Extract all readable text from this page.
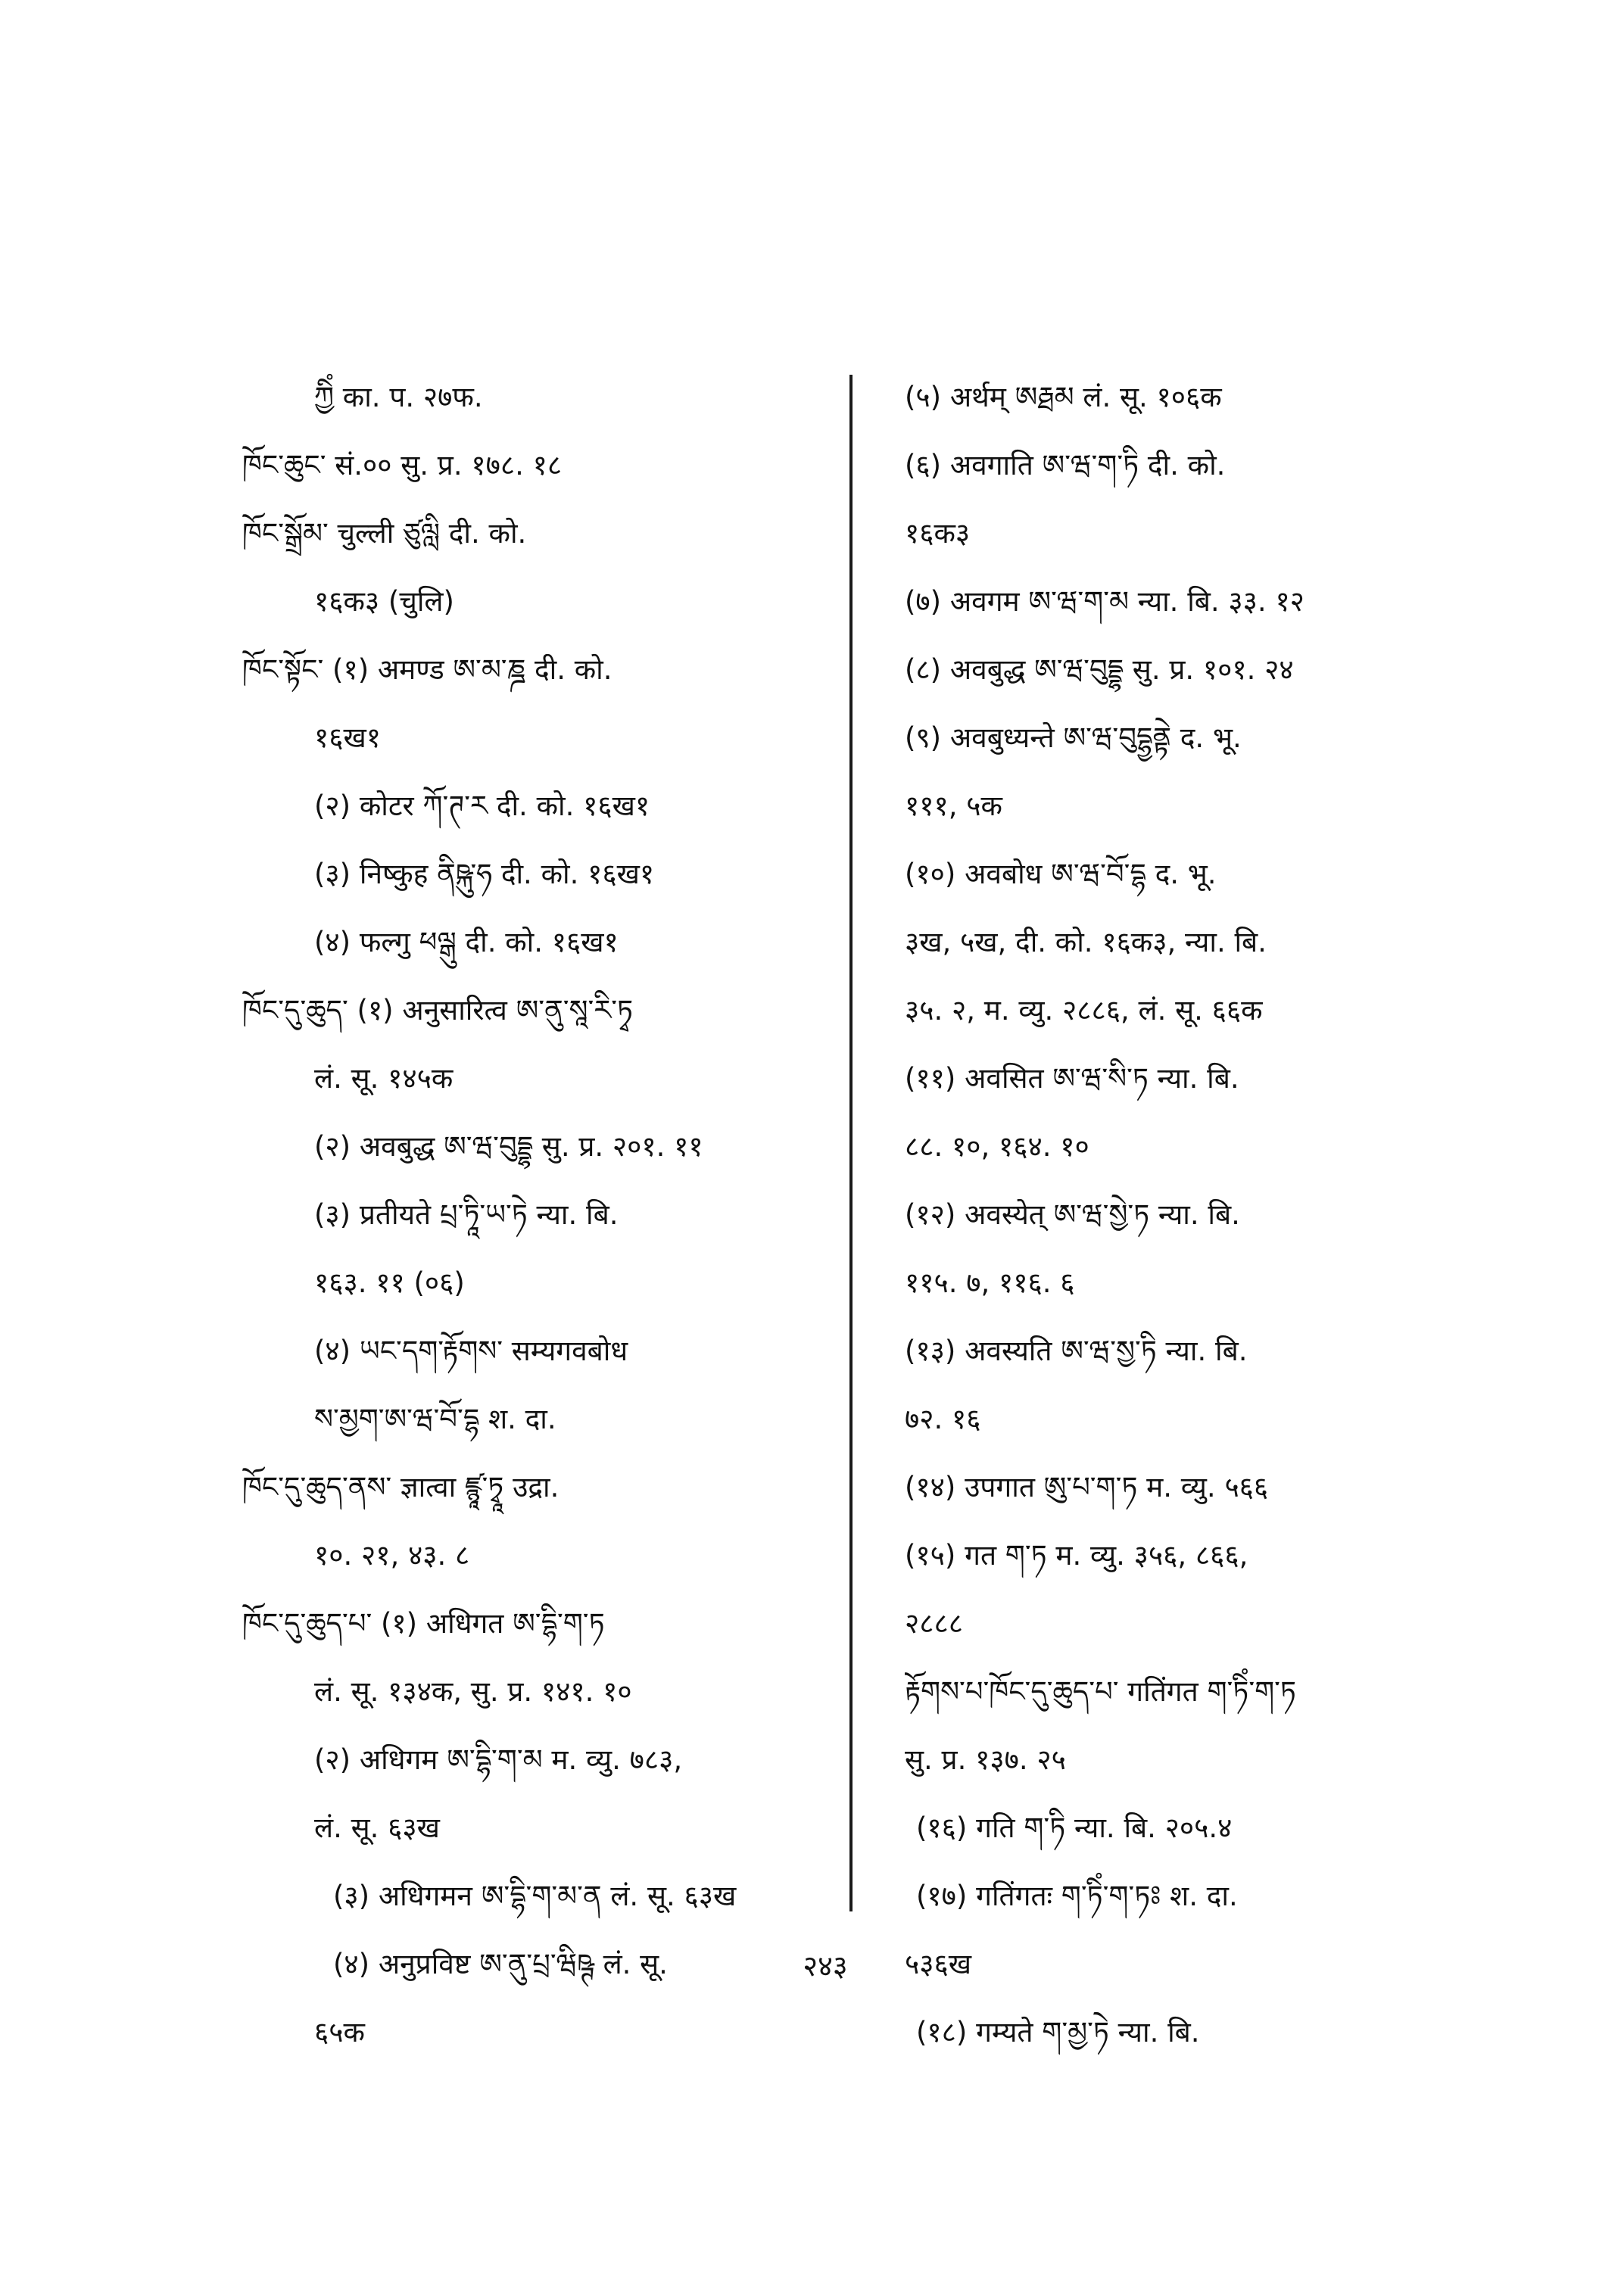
ཀྱིཾ का. प. २७फ.
ཁོང་ཆུང་ सं.०० सु. प्र. १७८. १८
ཁོང་སྒྲོམ་ चुल्ली ཙུལླི दी. को.
१६क३ (चुलि)
ཁོང་སྟོང་ (१) अमण्ड ཨ་མ་ཎྜ दी. को.
१६ख१
(२) कोटर ཀོ་ཊ་ར दी. को. १६ख१
(३) निष्कुह ནིཥྐུ་ཧ दी. को. १६ख१
(४) फल्गु ཕལྒུ दी. को. १६ख१
ཁོང་དུ་ཆུད་ (१) अनुसारित्व ཨ་ནུ་སཱ་རི་ཏྭ
लं. सू. १४५क
(२) अवबुद्ध ཨ་ཝ་བུདྡྷ सु. प्र. २०१. ११
(३) प्रतीयते པྲ་ཏཱི་ཡ་ཏེ न्या. बि.
१६३. ११ (०६)
(४) ཡང་དག་རྟོགས་ सम्यगवबोध
ས་མྱག་ཨ་ཝ་བོ་དྷ श. दा.
ཁོང་དུ་ཆུད་ནས་ ज्ञात्वा ཛྙཱ་ཏྭཱ उद्रा.
१०. २१, ४३. ८
ཁོང་དུ་ཆུད་པ་ (१) अधिगत ཨ་དྷི་ག་ཏ
लं. सू. १३४क, सु. प्र. १४१. १०
(२) अधिगम ཨ་དྷི་ག་མ म. व्यु. ७८३,
लं. सू. ६३ख
(३) अधिगमन ཨ་དྷི་ག་མ་ན लं. सू. ६३ख
(४) अनुप्रविष्ट ཨ་ནུ་པྲ་ཝིཥྚ लं. सू.
६५क
(५) अर्थम् ཨརྠམ लं. सू. १०६क
(६) अवगाति ཨ་ཝ་ག་ཏི दी. को.
१६क३
(७) अवगम ཨ་ཝ་ག་མ न्या. बि. ३३. १२
(८) अवबुद्ध ཨ་ཝ་བུདྡྷ सु. प्र. १०१. २४
(९) अवबुध्यन्ते ཨ་ཝ་བུདྷྱནྟེ द. भू.
१११, ५क
(१०) अवबोध ཨ་ཝ་བོ་དྷ द. भू.
३ख, ५ख, दी. को. १६क३, न्या. बि.
३५. २, म. व्यु. २८८६, लं. सू. ६६क
(११) अवसित ཨ་ཝ་སི་ཏ न्या. बि.
८८. १०, १६४. १०
(१२) अवस्येत् ཨ་ཝ་སྱེ་ཏ न्या. बि.
११५. ७, ११६. ६
(१३) अवस्यति ཨ་ཝ་སྱ་ཏི न्या. बि.
७२. १६
(१४) उपगात ཨུ་པ་ག་ཏ म. व्यु. ५६६
(१५) गत ག་ཏ म. व्यु. ३५६, ८६६,
२८८८
རྟོགས་པ་ཁོང་དུ་ཆུད་པ་ गतिंगत ག་ཏིཾ་ག་ཏ
सु. प्र. १३७. २५
(१६) गति ག་ཏི न्या. बि. २०५.४
(१७) गतिंगतः ག་ཏིཾ་ག་ཏཿ श. दा.
५३६ख
(१८) गम्यते ག་མྱ་ཏེ न्या. बि.
२४३
